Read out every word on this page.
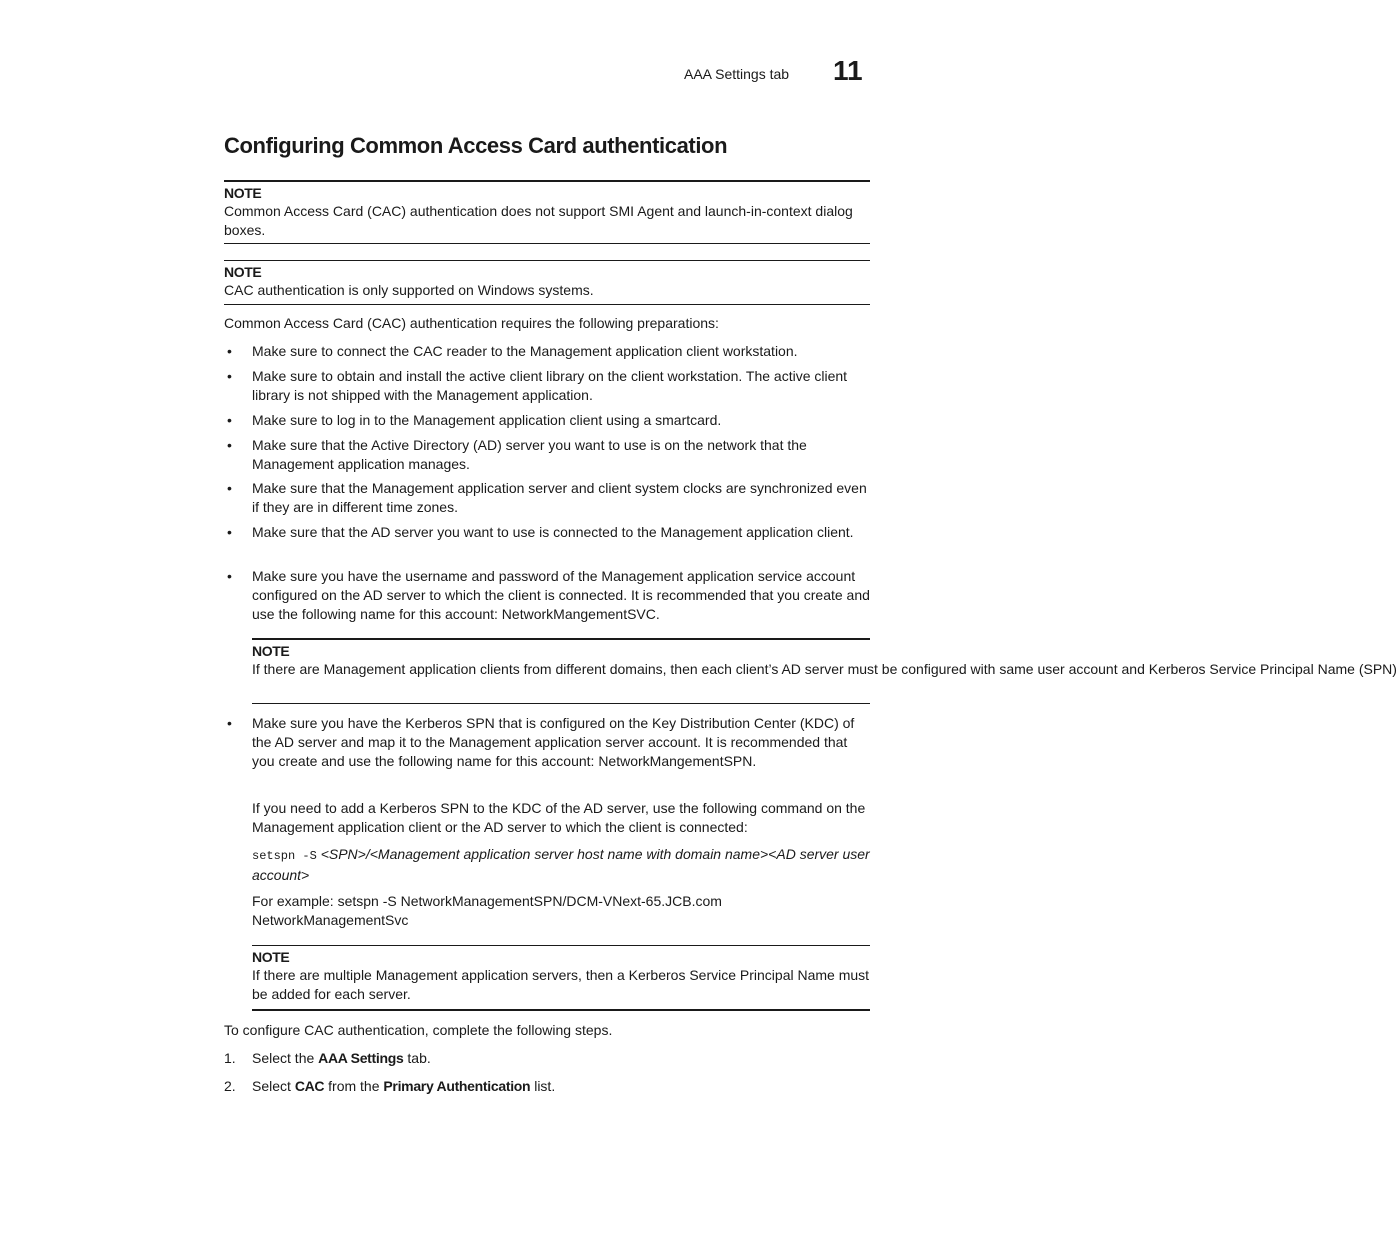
AAA Settings tab 11
Configuring Common Access Card authentication
NOTE
Common Access Card (CAC) authentication does not support SMI Agent and launch-in-context dialog boxes.
NOTE
CAC authentication is only supported on Windows systems.
Common Access Card (CAC) authentication requires the following preparations:
• Make sure to connect the CAC reader to the Management application client workstation.
• Make sure to obtain and install the active client library on the client workstation. The active client library is not shipped with the Management application.
• Make sure to log in to the Management application client using a smartcard.
• Make sure that the Active Directory (AD) server you want to use is on the network that the Management application manages.
• Make sure that the Management application server and client system clocks are synchronized even if they are in different time zones.
• Make sure that the AD server you want to use is connected to the Management application client.
• Make sure you have the username and password of the Management application service account configured on the AD server to which the client is connected. It is recommended that you create and use the following name for this account: NetworkMangementSVC.
NOTE
If there are Management application clients from different domains, then each client’s AD server must be configured with same user account and Kerberos Service Principal Name (SPN)
• Make sure you have the Kerberos SPN that is configured on the Key Distribution Center (KDC) of the AD server and map it to the Management application server account. It is recommended that you create and use the following name for this account: NetworkMangementSPN.
If you need to add a Kerberos SPN to the KDC of the AD server, use the following command on the Management application client or the AD server to which the client is connected:
setspn -S <SPN>/<Management application server host name with domain name><AD server user account>
For example: setspn -S NetworkManagementSPN/DCM-VNext-65.JCB.com NetworkManagementSvc
NOTE
If there are multiple Management application servers, then a Kerberos Service Principal Name must be added for each server.
To configure CAC authentication, complete the following steps.
1. Select the AAA Settings tab.
2. Select CAC from the Primary Authentication list.
